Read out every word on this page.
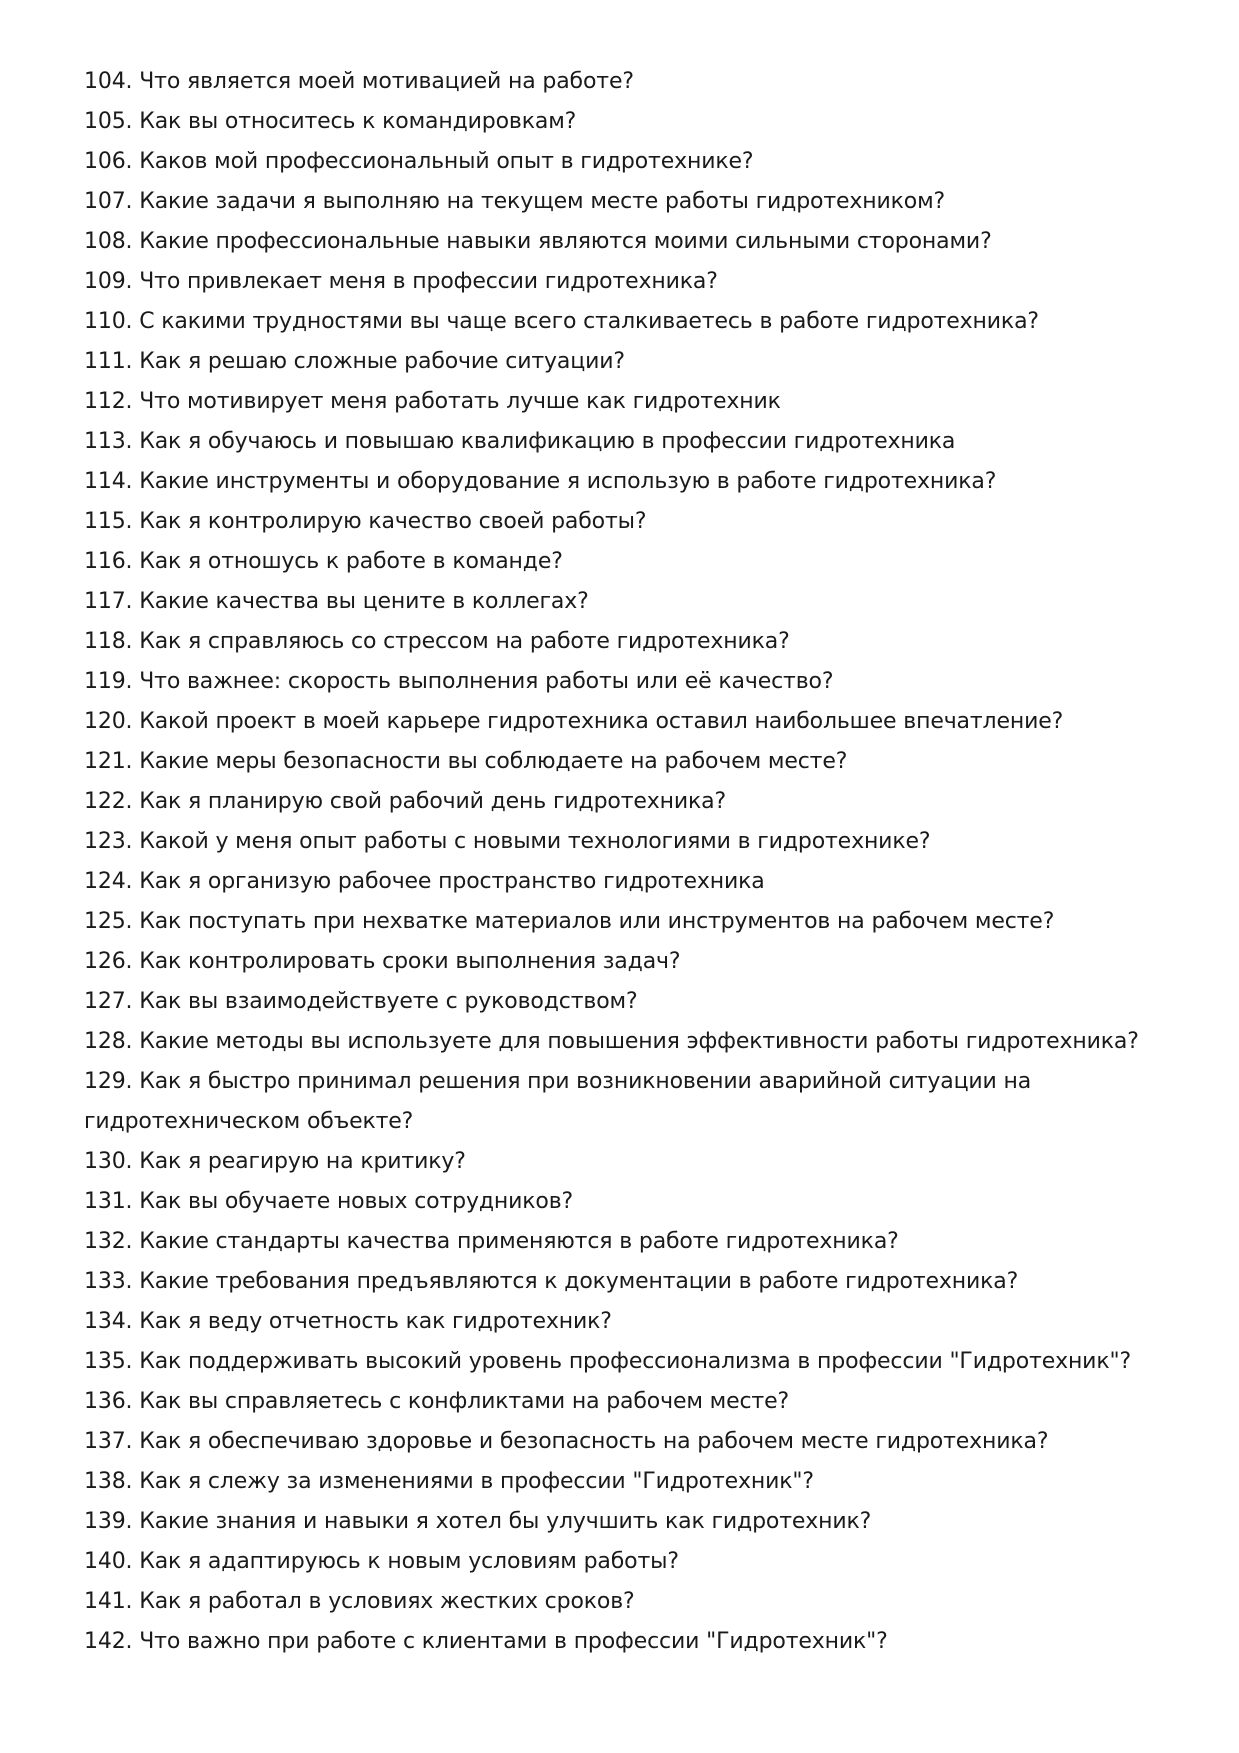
104. Что является моей мотивацией на работе?
105. Как вы относитесь к командировкам?
106. Каков мой профессиональный опыт в гидротехнике?
107. Какие задачи я выполняю на текущем месте работы гидротехником?
108. Какие профессиональные навыки являются моими сильными сторонами?
109. Что привлекает меня в профессии гидротехника?
110. С какими трудностями вы чаще всего сталкиваетесь в работе гидротехника?
111. Как я решаю сложные рабочие ситуации?
112. Что мотивирует меня работать лучше как гидротехник
113. Как я обучаюсь и повышаю квалификацию в профессии гидротехника
114. Какие инструменты и оборудование я использую в работе гидротехника?
115. Как я контролирую качество своей работы?
116. Как я отношусь к работе в команде?
117. Какие качества вы цените в коллегах?
118. Как я справляюсь со стрессом на работе гидротехника?
119. Что важнее: скорость выполнения работы или её качество?
120. Какой проект в моей карьере гидротехника оставил наибольшее впечатление?
121. Какие меры безопасности вы соблюдаете на рабочем месте?
122. Как я планирую свой рабочий день гидротехника?
123. Какой у меня опыт работы с новыми технологиями в гидротехнике?
124. Как я организую рабочее пространство гидротехника
125. Как поступать при нехватке материалов или инструментов на рабочем месте?
126. Как контролировать сроки выполнения задач?
127. Как вы взаимодействуете с руководством?
128. Какие методы вы используете для повышения эффективности работы гидротехника?
129. Как я быстро принимал решения при возникновении аварийной ситуации на гидротехническом объекте?
130. Как я реагирую на критику?
131. Как вы обучаете новых сотрудников?
132. Какие стандарты качества применяются в работе гидротехника?
133. Какие требования предъявляются к документации в работе гидротехника?
134. Как я веду отчетность как гидротехник?
135. Как поддерживать высокий уровень профессионализма в профессии "Гидротехник"?
136. Как вы справляетесь с конфликтами на рабочем месте?
137. Как я обеспечиваю здоровье и безопасность на рабочем месте гидротехника?
138. Как я слежу за изменениями в профессии "Гидротехник"?
139. Какие знания и навыки я хотел бы улучшить как гидротехник?
140. Как я адаптируюсь к новым условиям работы?
141. Как я работал в условиях жестких сроков?
142. Что важно при работе с клиентами в профессии "Гидротехник"?
